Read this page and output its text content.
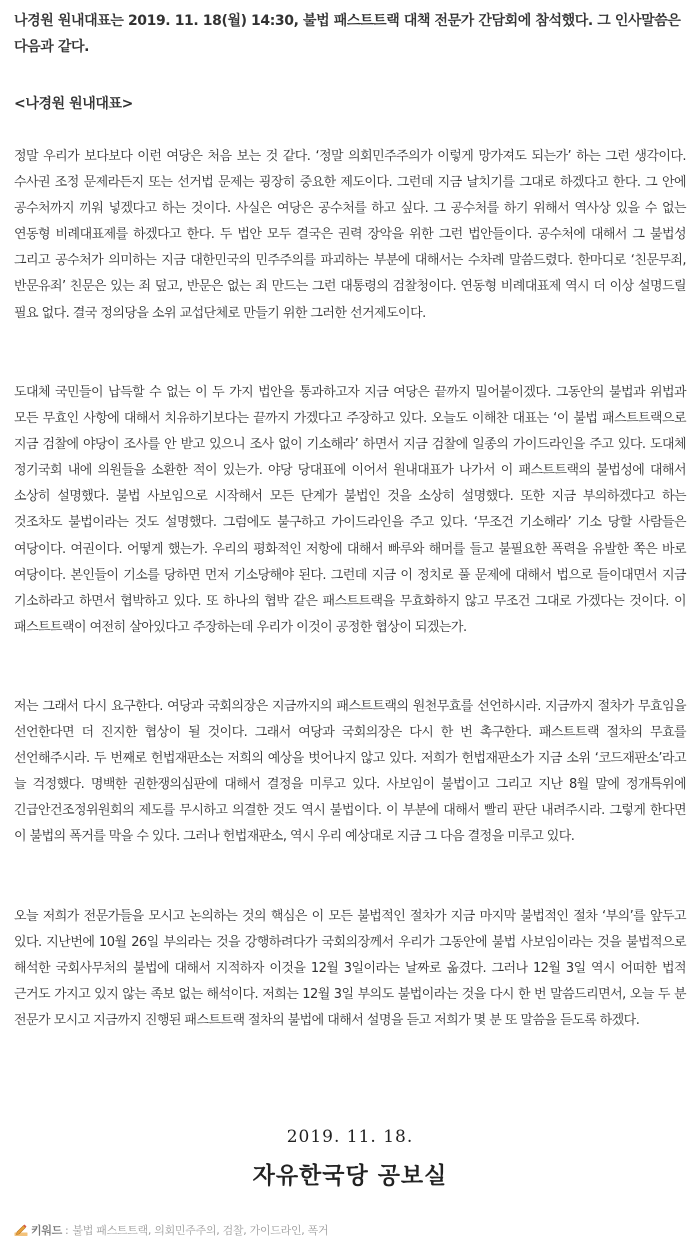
나경원 원내대표는 2019. 11. 18(월) 14:30, 불법 패스트트랙 대책 전문가 간담회에 참석했다. 그 인사말씀은 다음과 같다.
<나경원 원내대표>
정말 우리가 보다보다 이런 여당은 처음 보는 것 같다. ‘정말 의회민주주의가 이렇게 망가져도 되는가’ 하는 그런 생각이다. 수사권 조정 문제라든지 또는 선거법 문제는 굉장히 중요한 제도이다. 그런데 지금 날치기를 그대로 하겠다고 한다. 그 안에 공수처까지 끼워 넣겠다고 하는 것이다. 사실은 여당은 공수처를 하고 싶다. 그 공수처를 하기 위해서 역사상 있을 수 없는 연동형 비례대표제를 하겠다고 한다. 두 법안 모두 결국은 권력 장악을 위한 그런 법안들이다. 공수처에 대해서 그 불법성 그리고 공수처가 의미하는 지금 대한민국의 민주주의를 파괴하는 부분에 대해서는 수차례 말씀드렸다. 한마디로 ‘친문무죄, 반문유죄’ 친문은 있는 죄 덮고, 반문은 없는 죄 만드는 그런 대통령의 검찰청이다. 연동형 비례대표제 역시 더 이상 설명드릴 필요 없다. 결국 정의당을 소위 교섭단체로 만들기 위한 그러한 선거제도이다.
도대체 국민들이 납득할 수 없는 이 두 가지 법안을 통과하고자 지금 여당은 끝까지 밀어붙이겠다. 그동안의 불법과 위법과 모든 무효인 사항에 대해서 치유하기보다는 끝까지 가겠다고 주장하고 있다. 오늘도 이해찬 대표는 ‘이 불법 패스트트랙으로 지금 검찰에 야당이 조사를 안 받고 있으니 조사 없이 기소해라’ 하면서 지금 검찰에 일종의 가이드라인을 주고 있다. 도대체 정기국회 내에 의원들을 소환한 적이 있는가. 야당 당대표에 이어서 원내대표가 나가서 이 패스트트랙의 불법성에 대해서 소상히 설명했다. 불법 사보임으로 시작해서 모든 단계가 불법인 것을 소상히 설명했다. 또한 지금 부의하겠다고 하는 것조차도 불법이라는 것도 설명했다. 그럼에도 불구하고 가이드라인을 주고 있다. ‘무조건 기소해라’ 기소 당할 사람들은 여당이다. 여권이다. 어떻게 했는가. 우리의 평화적인 저항에 대해서 빠루와 해머를 들고 불필요한 폭력을 유발한 쪽은 바로 여당이다. 본인들이 기소를 당하면 먼저 기소당해야 된다. 그런데 지금 이 정치로 풀 문제에 대해서 법으로 들이대면서 지금 기소하라고 하면서 협박하고 있다. 또 하나의 협박 같은 패스트트랙을 무효화하지 않고 무조건 그대로 가겠다는 것이다. 이 패스트트랙이 여전히 살아있다고 주장하는데 우리가 이것이 공정한 협상이 되겠는가.
저는 그래서 다시 요구한다. 여당과 국회의장은 지금까지의 패스트트랙의 원천무효를 선언하시라. 지금까지 절차가 무효임을 선언한다면 더 진지한 협상이 될 것이다. 그래서 여당과 국회의장은 다시 한 번 촉구한다. 패스트트랙 절차의 무효를 선언해주시라. 두 번째로 헌법재판소는 저희의 예상을 벗어나지 않고 있다. 저희가 헌법재판소가 지금 소위 ‘코드재판소’라고 늘 걱정했다. 명백한 권한쟁의심판에 대해서 결정을 미루고 있다. 사보임이 불법이고 그리고 지난 8월 말에 정개특위에 긴급안건조정위원회의 제도를 무시하고 의결한 것도 역시 불법이다. 이 부분에 대해서 빨리 판단 내려주시라. 그렇게 한다면 이 불법의 폭거를 막을 수 있다. 그러나 헌법재판소, 역시 우리 예상대로 지금 그 다음 결정을 미루고 있다.
오늘 저희가 전문가들을 모시고 논의하는 것의 핵심은 이 모든 불법적인 절차가 지금 마지막 불법적인 절차 ‘부의’를 앞두고 있다. 지난번에 10월 26일 부의라는 것을 강행하려다가 국회의장께서 우리가 그동안에 불법 사보임이라는 것을 불법적으로 해석한 국회사무처의 불법에 대해서 지적하자 이것을 12월 3일이라는 날짜로 옮겼다. 그러나 12월 3일 역시 어떠한 법적 근거도 가지고 있지 않는 족보 없는 해석이다. 저희는 12월 3일 부의도 불법이라는 것을 다시 한 번 말씀드리면서, 오늘 두 분 전문가 모시고 지금까지 진행된 패스트트랙 절차의 불법에 대해서 설명을 듣고 저희가 몇 분 또 말씀을 듣도록 하겠다.
2019. 11. 18.
자유한국당 공보실
키워드 : 불법 패스트트랙, 의회민주주의, 검찰, 가이드라인, 폭거
